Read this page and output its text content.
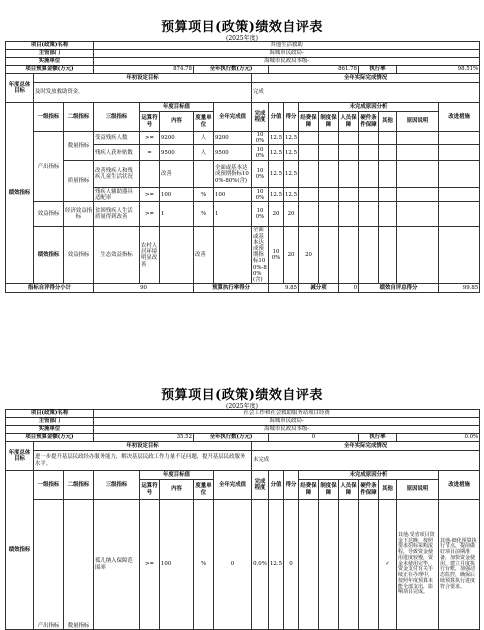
预算项目(政策)绩效自评表
(2025年度)
项目(政策)名称			其他生活救助															
主管部门			海城市民政局-															
实施单位			海城市民政局本级-															
项目预算金额(万元)			874.78			全年执行数(万元)			861.78					执行率		98.51%		
年度总体目标	年初设定目标							全年实际完成情况										
	及时发放救助资金。							完成										
绩效指标	一级指标	二级指标	三级指标	年度目标值			全年完成值	完成程度	分值	得分	未完成原因分析						改进措施	
				运算符号	内容	度量单位					经费保障	制度保障	人员保障	硬件条件保障	其他	原因说明		
	产出指标	数量指标	受益残疾人数	>=	9200	人	9200	100%	12.5	12.5								
			残疾人获补贴数	=	9500	人	9500	100%	12.5	12.5								
		质量指标	改善残疾人和残疾儿童生活状况		改善		全面或基本达成预期指标100%-80%(含)	100%	12.5	12.5								
			残疾人辅助器具适配率	>=	100	%	100	100%	12.5	12.5								
	效益指标	经济效益指标	贫困残疾人生活质量得到改善	>=	1	%	1	100%	20	20								
	绩效指标	效益指标	生态效益指标	农村人居环境明显改善		改善		全面或基本达成预期指标100%-80%(含)	100%	20	20							
指标自评得分小计			90			预算执行率得分			9.85		减分项		0	绩效自评总得分			99.85	
预算项目(政策)绩效自评表
(2025年度)
项目(政策)名称			社会工作和社会救助服务站项目经费														
主管部门			海城市民政局-														
实施单位			海城市民政局本级-														
项目预算金额(万元)			35.52			全年执行数(万元)			0					执行率		0.0%	
年度总体目标	年初设定目标							全年实际完成情况									
	进一步提升基层民政经办服务能力，解决基层民政工作力量不足问题，提升基层民政服务水平。							未完成									
绩效指标	一级指标	二级指标	三级指标	年度目标值			全年完成值	完成程度	分值	得分	未完成原因分析						改进措施
				运算符号	内容	度量单位					经费保障	制度保障	人员保障	硬件条件保障	其他	原因说明	
	产出指标	数量指标	孤儿纳入保障范围率	>=	100	%	0	0.0%	12.5	0					✓	其他:受省项目资金下达晚，按照要求招标采购流程，导致资金使用进度较慢，资金未使用完毕，资金支付有关手续正在办理中，按照年度预算未能全部支出，影响项目完成。	其他:细化预算执行节点，提前做好项目前期准备，加快资金使用，建立月度执行台账，加强动态监控，确保后续预算执行进度符合要求。
